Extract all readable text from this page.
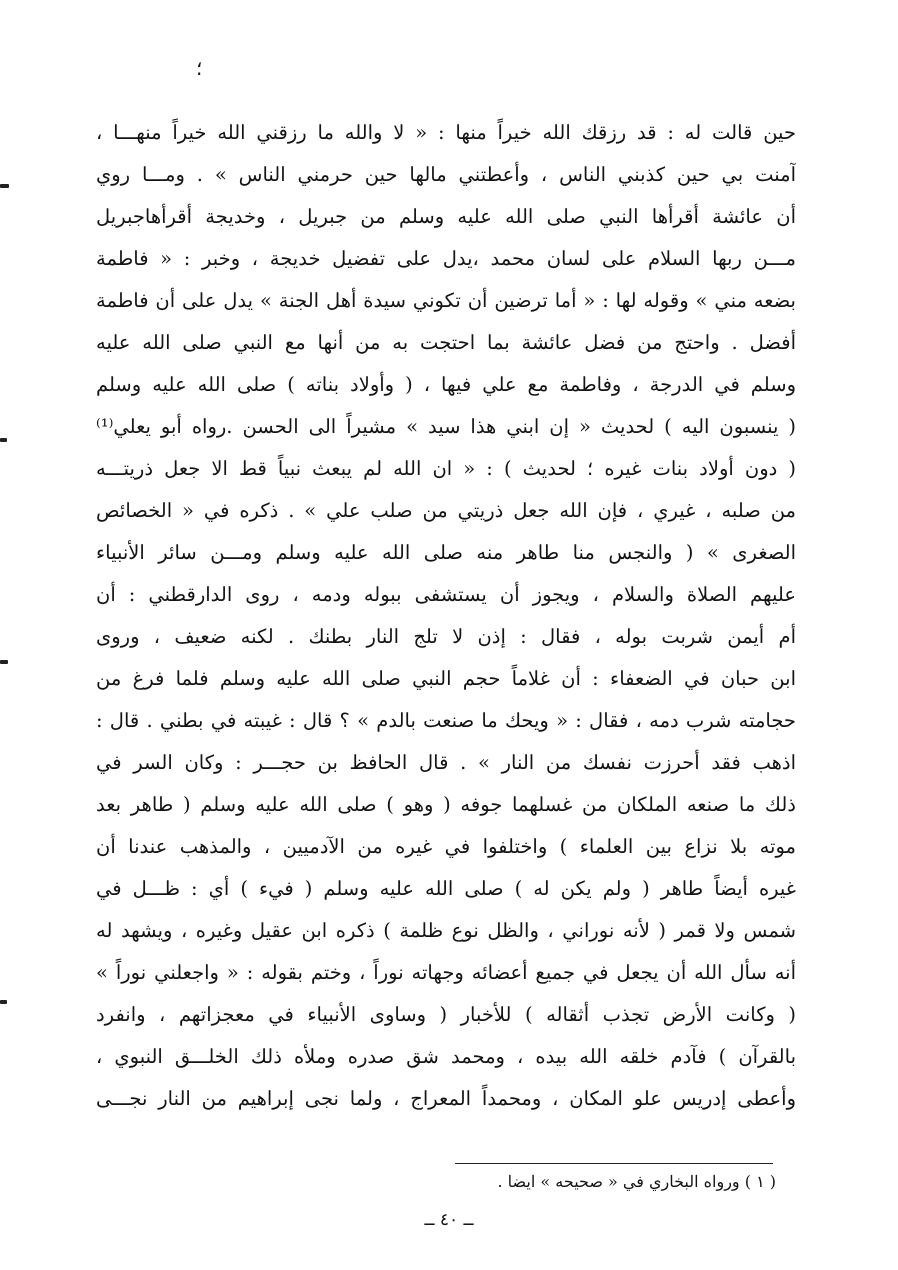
؛
حين قالت له : قد رزقك الله خيراً منها : « لا والله ما رزقني الله خيراً منهـــا ،
آمنت بي حين كذبني الناس ، وأعطتني مالها حين حرمني الناس » . ومـــا روي
أن عائشة أقرأها النبي صلى الله عليه وسلم من جبريل ، وخديجة أقرأهاجبريل
مـــن ربها السلام على لسان محمد ،يدل على تفضيل خديجة ، وخبر : « فاطمة
بضعه مني » وقوله لها : « أما ترضين أن تكوني سيدة أهل الجنة » يدل على أن فاطمة
أفضل . واحتج من فضل عائشة بما احتجت به من أنها مع النبي صلى الله عليه
وسلم في الدرجة ، وفاطمة مع علي فيها ، ( وأولاد بناته ) صلى الله عليه وسلم
( ينسبون اليه ) لحديث « إن ابني هذا سيد » مشيراً الى الحسن .رواه أبو يعلي⁽¹⁾
( دون أولاد بنات غيره ؛ لحديث ) : « ان الله لم يبعث نبياً قط الا جعل ذريتـــه
من صلبه ، غيري ، فإن الله جعل ذريتي من صلب علي » . ذكره في « الخصائص
الصغرى » ( والنجس منا طاهر منه صلى الله عليه وسلم ومـــن سائر الأنبياء
عليهم الصلاة والسلام ، ويجوز أن يستشفى ببوله ودمه ، روى الدارقطني : أن
أم أيمن شربت بوله ، فقال : إذن لا تلج النار بطنك . لكنه ضعيف ، وروى
ابن حبان في الضعفاء : أن غلاماً حجم النبي صلى الله عليه وسلم فلما فرغ من
حجامته شرب دمه ، فقال : « ويحك ما صنعت بالدم » ؟ قال : غيبته في بطني . قال :
اذهب فقد أحرزت نفسك من النار » . قال الحافظ بن حجـــر : وكان السر في
ذلك ما صنعه الملكان من غسلهما جوفه ( وهو ) صلى الله عليه وسلم ( طاهر بعد
موته بلا نزاع بين العلماء ) واختلفوا في غيره من الآدميين ، والمذهب عندنا أن
غيره أيضاً طاهر ( ولم يكن له ) صلى الله عليه وسلم ( فيء ) أي : ظـــل في
شمس ولا قمر ( لأنه نوراني ، والظل نوع ظلمة ) ذكره ابن عقيل وغيره ، ويشهد له
أنه سأل الله أن يجعل في جميع أعضائه وجهاته نوراً ، وختم بقوله : « واجعلني نوراً »
( وكانت الأرض تجذب أثقاله ) للأخبار ( وساوى الأنبياء في معجزاتهم ، وانفرد
بالقرآن ) فآدم خلقه الله بيده ، ومحمد شق صدره وملأه ذلك الخلـــق النبوي ،
وأعطى إدريس علو المكان ، ومحمداً المعراج ، ولما نجى إبراهيم من النار نجـــى
( ١ ) ورواه البخاري في « صحيحه » ايضا .
ــ ٤٠ ــ
